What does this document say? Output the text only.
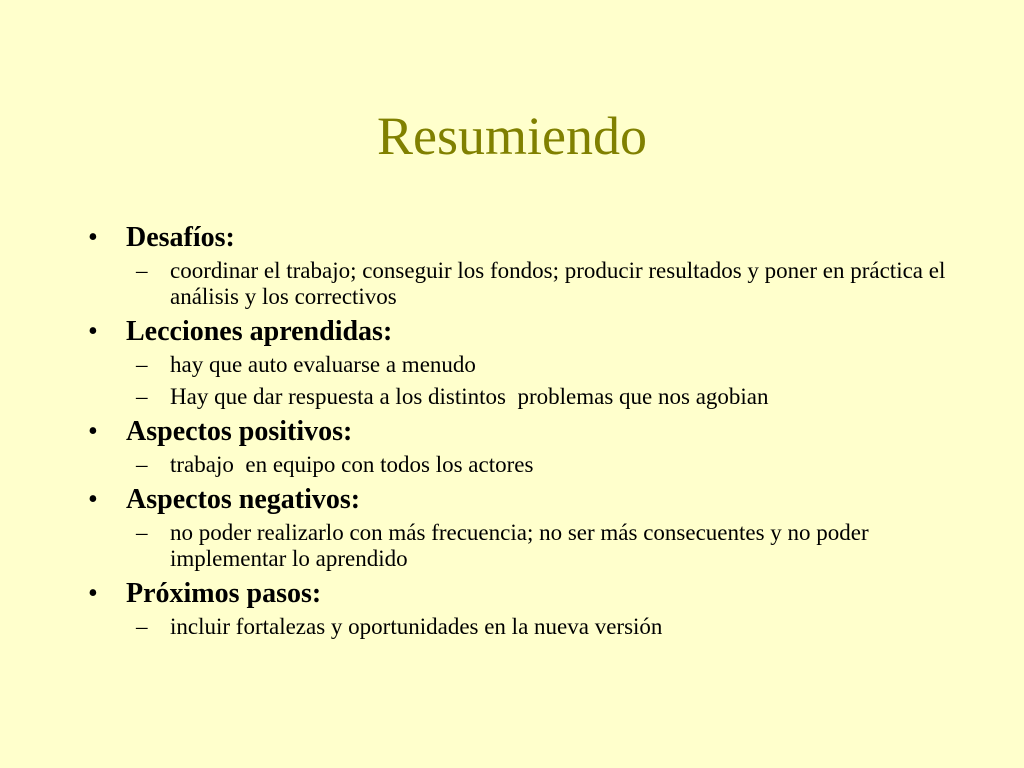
Resumiendo
• Desafíos:
– coordinar el trabajo; conseguir los fondos; producir resultados y poner en práctica el análisis y los correctivos
• Lecciones aprendidas:
– hay que auto evaluarse a menudo
– Hay que dar respuesta a los distintos  problemas que nos agobian
• Aspectos positivos:
– trabajo  en equipo con todos los actores
• Aspectos negativos:
– no poder realizarlo con más frecuencia; no ser más consecuentes y no poder implementar lo aprendido
• Próximos pasos:
– incluir fortalezas y oportunidades en la nueva versión
